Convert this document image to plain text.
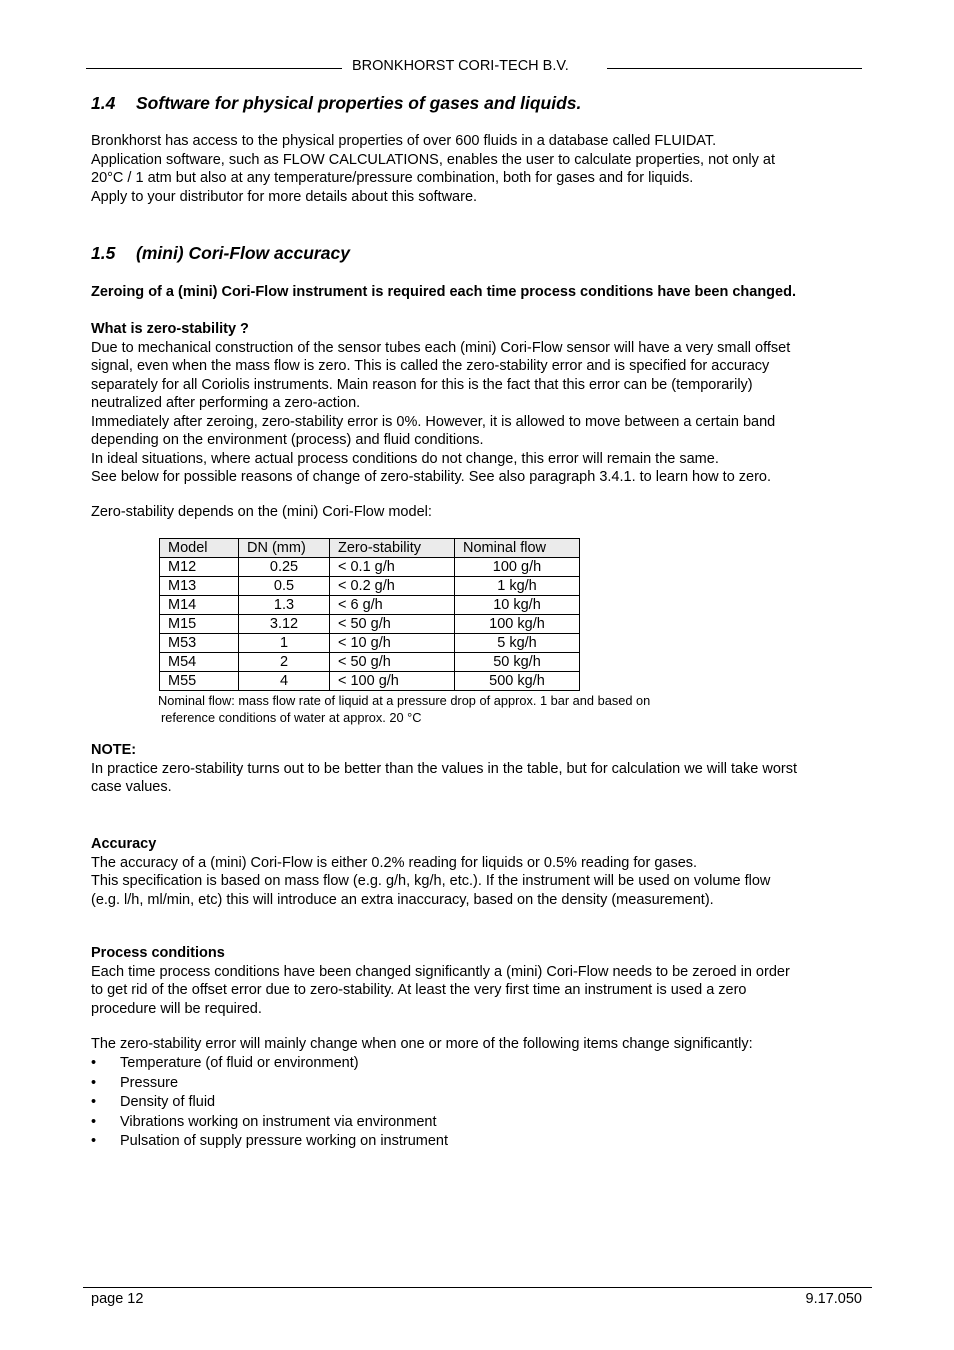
BRONKHORST CORI-TECH B.V.
1.4 Software for physical properties of gases and liquids.

Bronkhorst has access to the physical properties of over 600 fluids in a database called FLUIDAT.

Application software, such as FLOW CALCULATIONS, enables the user to calculate properties, not only at

20°C / 1 atm but also at any temperature/pressure combination, both for gases and for liquids.

Apply to your distributor for more details about this software.

1.5 (mini) Cori-Flow accuracy

Zeroing of a (mini) Cori-Flow instrument is required each time process conditions have been changed.

What is zero-stability ?

Due to mechanical construction of the sensor tubes each (mini) Cori-Flow sensor will have a very small offset

signal, even when the mass flow is zero. This is called the zero-stability error and is specified for accuracy

separately for all Coriolis instruments. Main reason for this is the fact that this error can be (temporarily)

neutralized after performing a zero-action.

Immediately after zeroing, zero-stability error is 0%. However, it is allowed to move between a certain band

depending on the environment (process) and fluid conditions.

In ideal situations, where actual process conditions do not change, this error will remain the same.

See below for possible reasons of change of zero-stability. See also paragraph 3.4.1. to learn how to zero.

Zero-stability depends on the (mini) Cori-Flow model:

Model	DN (mm)	Zero-stability	Nominal flow
M12	0.25	< 0.1 g/h	100 g/h
M13	0.5	< 0.2 g/h	1 kg/h
M14	1.3	< 6 g/h	10 kg/h
M15	3.12	< 50 g/h	100 kg/h
M53	1	< 10 g/h	5 kg/h
M54	2	< 50 g/h	50 kg/h
M55	4	< 100 g/h	500 kg/h

Nominal flow: mass flow rate of liquid at a pressure drop of approx. 1 bar and based on

reference conditions of water at approx. 20 °C

NOTE:

In practice zero-stability turns out to be better than the values in the table, but for calculation we will take worst

case values.

Accuracy

The accuracy of a (mini) Cori-Flow is either 0.2% reading for liquids or 0.5% reading for gases.

This specification is based on mass flow (e.g. g/h, kg/h, etc.). If the instrument will be used on volume flow

(e.g. l/h, ml/min, etc) this will introduce an extra inaccuracy, based on the density (measurement).

Process conditions

Each time process conditions have been changed significantly a (mini) Cori-Flow needs to be zeroed in order

to get rid of the offset error due to zero-stability. At least the very first time an instrument is used a zero

procedure will be required.

The zero-stability error will mainly change when one or more of the following items change significantly:

• Temperature (of fluid or environment)
• Pressure
• Density of fluid
• Vibrations working on instrument via environment
• Pulsation of supply pressure working on instrument
page 12	9.17.050
